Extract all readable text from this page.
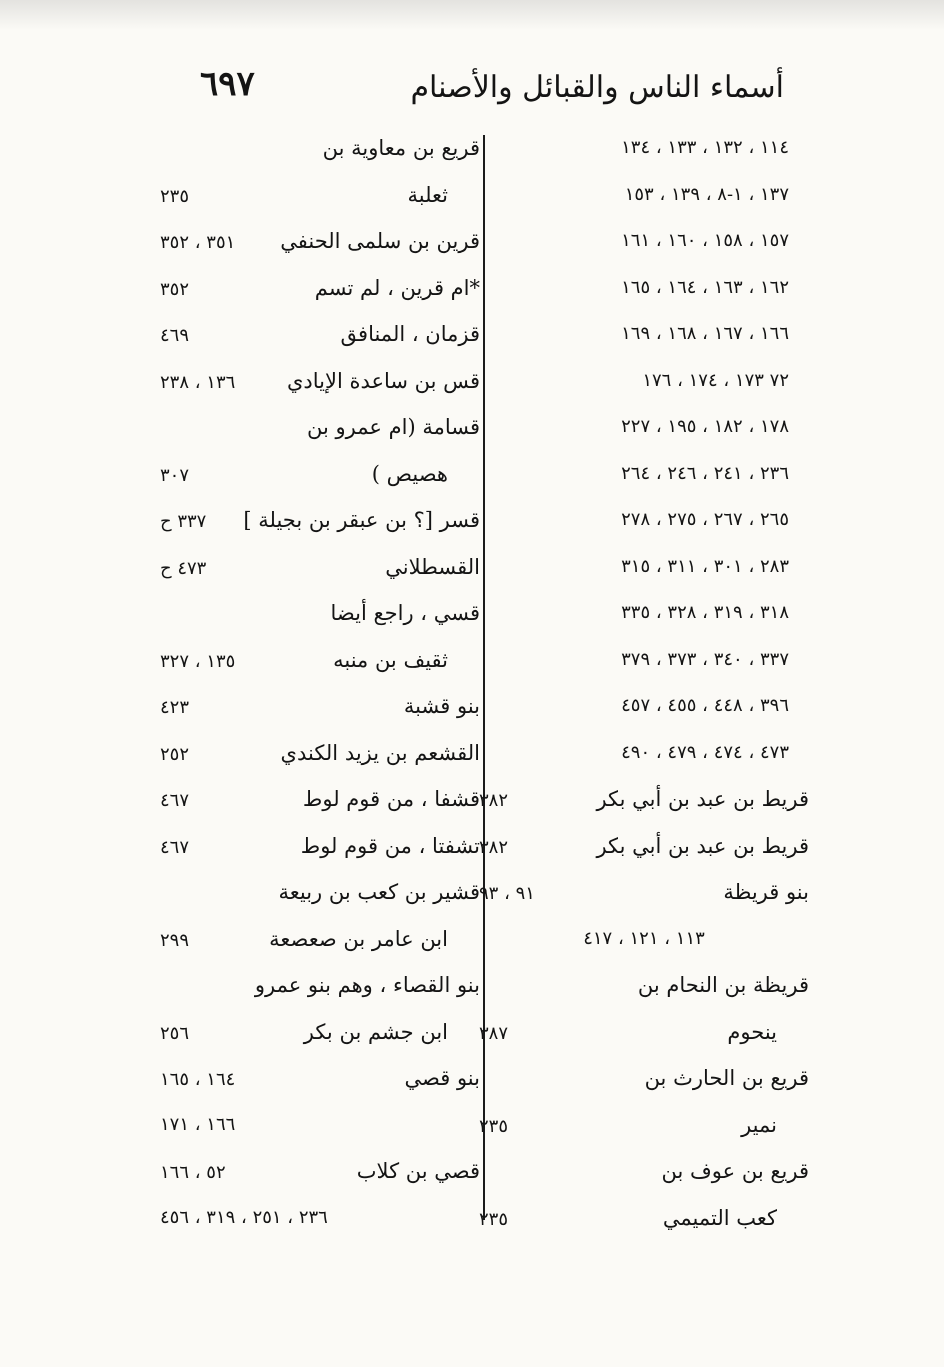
أسماء الناس والقبائل والأصنام
٦٩٧
١١٤ ، ١٣٢ ، ١٣٣ ، ١٣٤
١٣٧ ، ١-٨ ، ١٣٩ ، ١٥٣
١٥٧ ، ١٥٨ ، ١٦٠ ، ١٦١
١٦٢ ، ١٦٣ ، ١٦٤ ، ١٦٥
١٦٦ ، ١٦٧ ، ١٦٨ ، ١٦٩
٧٢ ١٧٣ ، ١٧٤ ، ١٧٦
١٧٨ ، ١٨٢ ، ١٩٥ ، ٢٢٧
٢٣٦ ، ٢٤١ ، ٢٤٦ ، ٢٦٤
٢٦٥ ، ٢٦٧ ، ٢٧٥ ، ٢٧٨
٢٨٣ ، ٣٠١ ، ٣١١ ، ٣١٥
٣١٨ ، ٣١٩ ، ٣٢٨ ، ٣٣٥
٣٣٧ ، ٣٤٠ ، ٣٧٣ ، ٣٧٩
٣٩٦ ، ٤٤٨ ، ٤٥٥ ، ٤٥٧
٤٧٣ ، ٤٧٤ ، ٤٧٩ ، ٤٩٠
قريط بن عبد بن أبي بكر
٣٨٢
قريط بن عبد بن أبي بكر
٣٨٢
بنو قريظة
٩١ ، ٩٣
١١٣ ، ١٢١ ، ٤١٧
قريظة بن النحام بن
ينحوم
٣٨٧
قريع بن الحارث بن
نمير
٢٣٥
قريع بن عوف بن
كعب التميمي
٢٣٥
قريع بن معاوية بن
ثعلبة
٢٣٥
قرين بن سلمى الحنفي
٣٥١ ، ٣٥٢
*ام قرين ، لم تسم
٣٥٢
قزمان ، المنافق
٤٦٩
قس بن ساعدة الإيادي
١٣٦ ، ٢٣٨
قسامة (ام عمرو بن
هصيص )
٣٠٧
قسر [؟ بن عبقر بن بجيلة ]
٣٣٧ ح
القسطلاني
٤٧٣ ح
قسي ، راجع أيضا
ثقيف بن منبه
١٣٥ ، ٣٢٧
بنو قشبة
٤٢٣
القشعم بن يزيد الكندي
٢٥٢
قشفا ، من قوم لوط
٤٦٧
تشفتا ، من قوم لوط
٤٦٧
قشير بن كعب بن ربيعة
ابن عامر بن صعصعة
٢٩٩
بنو القصاء ، وهم بنو عمرو
ابن جشم بن بكر
٢٥٦
بنو قصي
١٦٤ ، ١٦٥
١٦٦ ، ١٧١
قصي بن كلاب
٥٢ ، ١٦٦
٢٣٦ ، ٢٥١ ، ٣١٩ ، ٤٥٦
